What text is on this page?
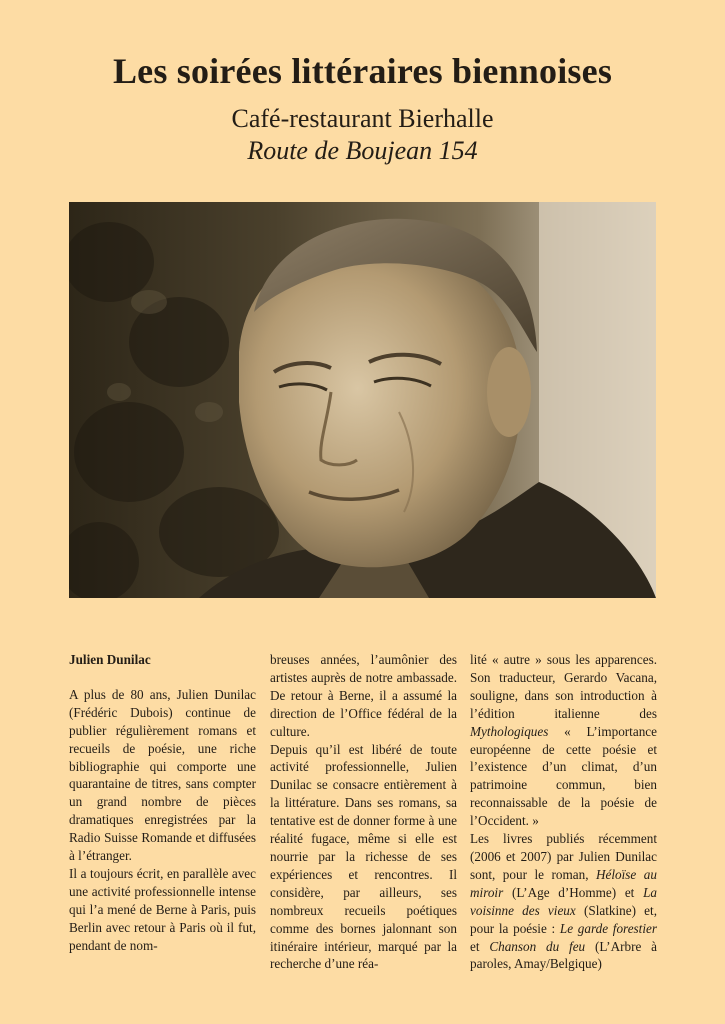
Les soirées littéraires biennoises
Café-restaurant Bierhalle
Route de Boujean 154

Julien Dunilac

A plus de 80 ans, Julien Dunilac (Frédéric Dubois) continue de publier régulièrement romans et recueils de poésie, une riche bibliographie qui comporte une quarantaine de titres, sans compter un grand nombre de pièces dramatiques enregistrées par la Radio Suisse Romande et diffusées à l’étranger.

Il a toujours écrit, en parallèle avec une activité professionnelle intense qui l’a mené de Berne à Paris, puis Berlin avec retour à Paris où il fut, pendant de nom-

breuses années, l’aumônier des artistes auprès de notre ambassade. De retour à Berne, il a assumé la direction de l’Office fédéral de la culture.

Depuis qu’il est libéré de toute activité professionnelle, Julien Dunilac se consacre entièrement à la littérature. Dans ses romans, sa tentative est de donner forme à une réalité fugace, même si elle est nourrie par la richesse de ses expériences et rencontres. Il considère, par ailleurs, ses nombreux recueils poétiques comme des bornes jalonnant son itinéraire intérieur, marqué par la recherche d’une réa-

lité « autre » sous les apparences. Son traducteur, Gerardo Vacana, souligne, dans son introduction à l’édition italienne des Mythologiques « L’importance européenne de cette poésie et l’existence d’un climat, d’un patrimoine commun, bien reconnaissable de la poésie de l’Occident. »

Les livres publiés récemment (2006 et 2007) par Julien Dunilac sont, pour le roman, Héloïse au miroir (L’Age d’Homme) et La voisinne des vieux (Slatkine) et, pour la poésie : Le garde forestier et Chanson du feu (L’Arbre à paroles, Amay/Belgique)
